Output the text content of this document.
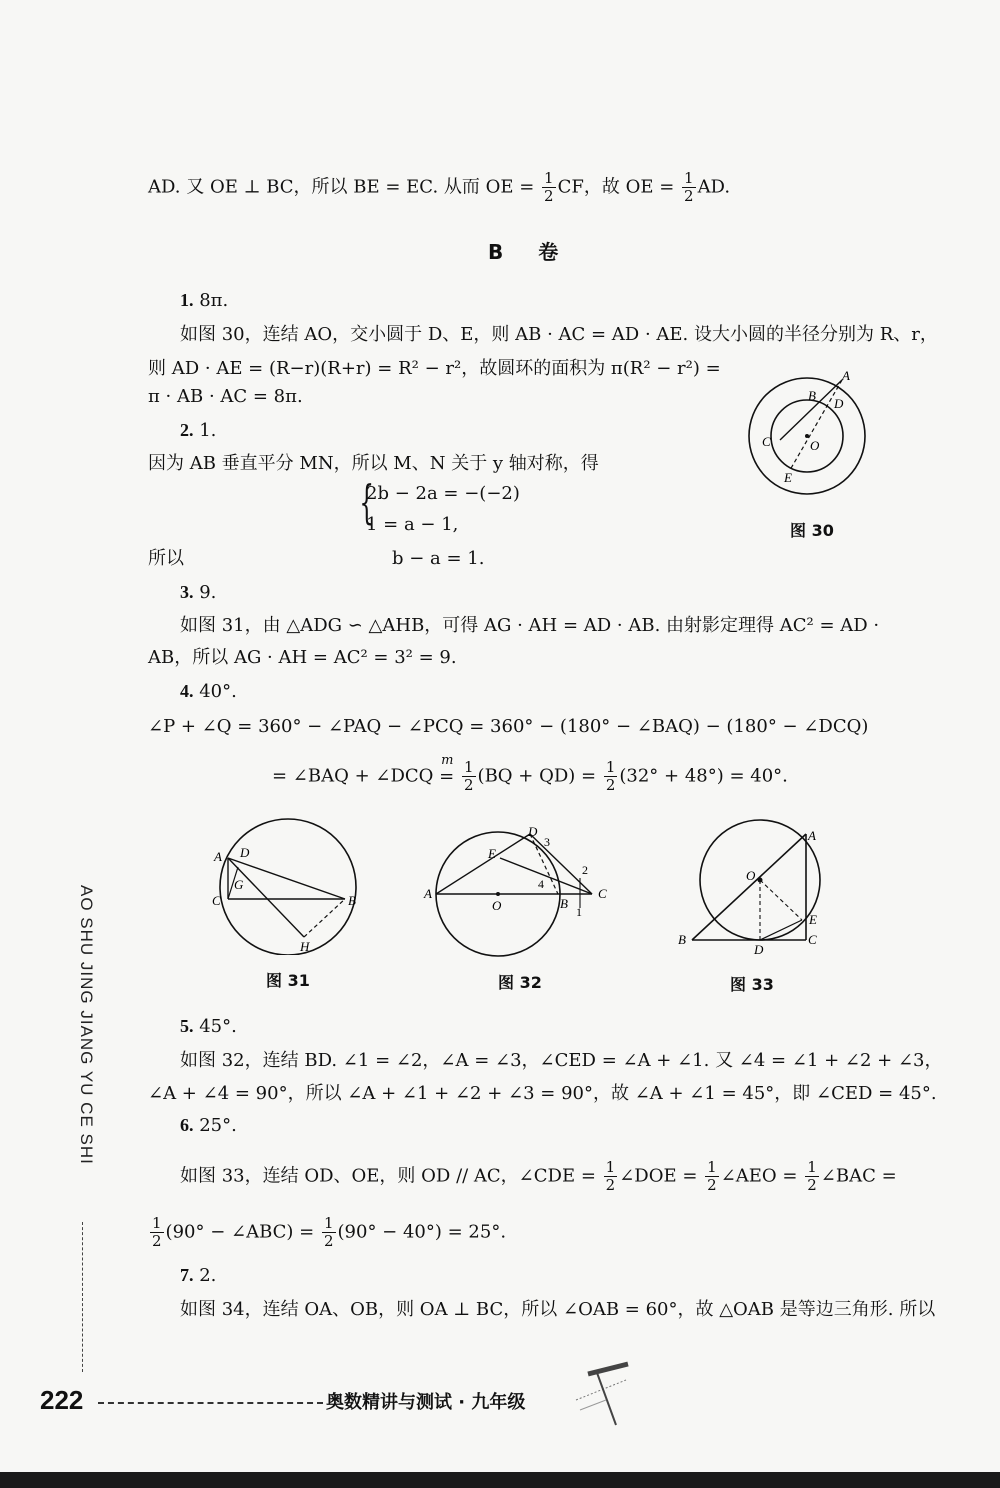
AD. 又 OE ⊥ BC，所以 BE = EC. 从而 OE = $\frac{1}{2}$ CF，故 OE = $\frac{1}{2}$ AD.
B 卷
1. 8π.
如图 30，连结 AO，交小圆于 D、E，则 AB · AC = AD · AE. 设大小圆的半径分别为 R、r，
则 AD · AE = (R−r)(R+r) = R² − r²，故圆环的面积为 π(R² − r²) =
π · AB · AC = 8π.
A
B
D
C	O
E
图 30
2. 1.
因为 AB 垂直平分 MN，所以 M、N 关于 y 轴对称，得
{
2b − 2a = −(−2)
1 = a − 1,
所以	b − a = 1.
3. 9.
如图 31，由 △ADG ∽ △AHB，可得 AG · AH = AD · AB. 由射影定理得 AC² = AD ·
AB，所以 AG · AH = AC² = 3² = 9.
4. 40°.
∠P + ∠Q = 360° − ∠PAQ − ∠PCQ = 360° − (180° − ∠BAQ) − (180° − ∠DCQ)
= ∠BAQ + ∠DCQ
m
= $\frac{1}{2} (BQ + QD) = \frac{1}{2} (32^\circ + 48^\circ) = 40^\circ$.
A D
G
C	B
H
图 31
A
E
D
3
4
2
O	B
1
C
图 32
A
O
E
B
D
C
图 33
5. 45°.
如图 32，连结 BD. ∠1 = ∠2，∠A = ∠3，∠CED = ∠A + ∠1. 又 ∠4 = ∠1 + ∠2 + ∠3，
∠A + ∠4 = 90°，所以 ∠A + ∠1 + ∠2 + ∠3 = 90°，故 ∠A + ∠1 = 45°，即 ∠CED = 45°.
6. 25°.
如图 33，连结 OD、OE，则 OD // AC，∠CDE = $\frac{1}{2}$ ∠DOE = $\frac{1}{2}$ ∠AEO = $\frac{1}{2}$ ∠BAC =
$\frac{1}{2} (90^\circ$ − ∠ABC) = $\frac{1}{2} (90^\circ - 40^\circ) = 25^\circ$.
7. 2.
如图 34，连结 OA、OB，则 OA ⊥ BC，所以 ∠OAB = 60°，故 △OAB 是等边三角形. 所以
AO SHU JING JIANG YU CE SHI
222	奥数精讲与测试 · 九年级
